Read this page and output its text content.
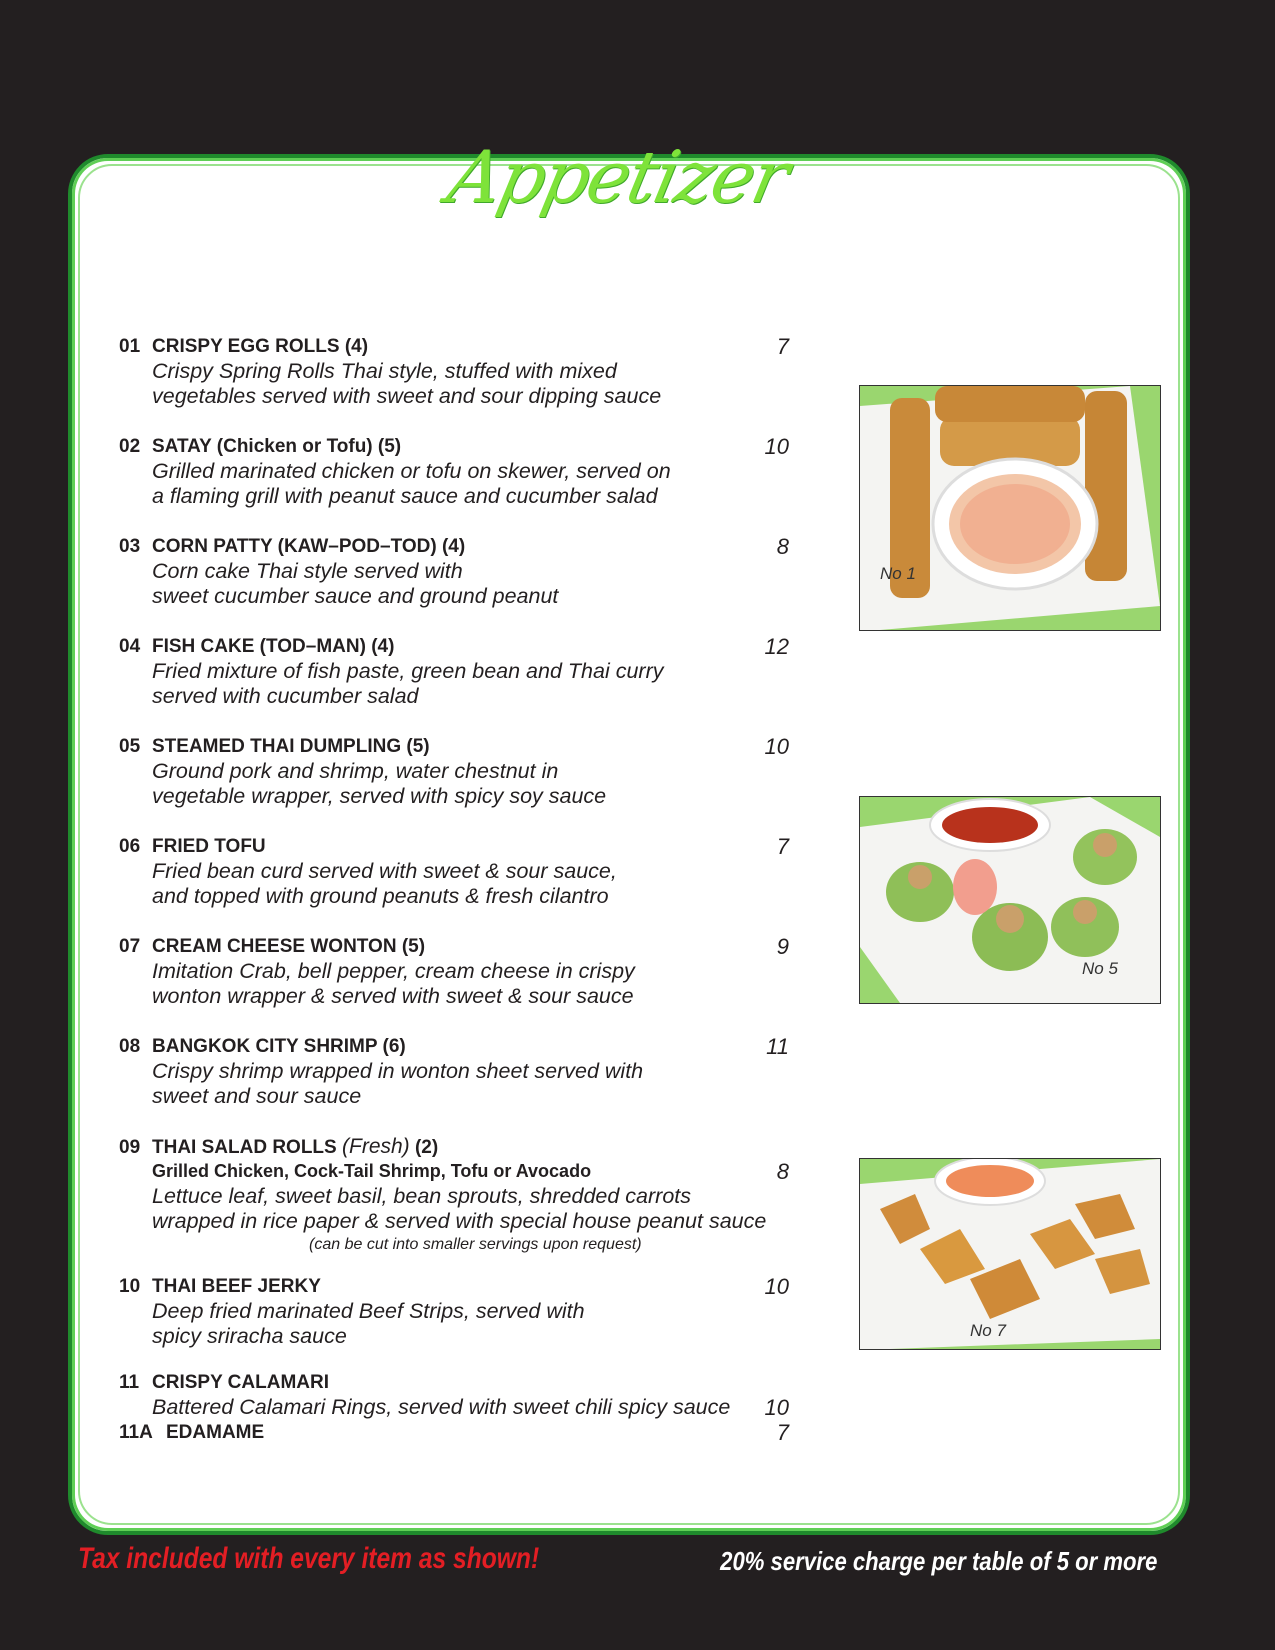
Appetizer
01 CRISPY EGG ROLLS (4)	7
Crispy Spring Rolls Thai style, stuffed with mixed
vegetables served with sweet and sour dipping sauce
02 SATAY (Chicken or Tofu) (5)	10
Grilled marinated chicken or tofu on skewer, served on
a flaming grill with peanut sauce and cucumber salad
03 CORN PATTY (KAW–POD–TOD) (4)	8
Corn cake Thai style served with
sweet cucumber sauce and ground peanut
04 FISH CAKE (TOD–MAN) (4)	12
Fried mixture of fish paste, green bean and Thai curry
served with cucumber salad
05 STEAMED THAI DUMPLING (5)	10
Ground pork and shrimp, water chestnut in
vegetable wrapper, served with spicy soy sauce
06 FRIED TOFU	7
Fried bean curd served with sweet & sour sauce,
and topped with ground peanuts & fresh cilantro
07 CREAM CHEESE WONTON (5)	9
Imitation Crab, bell pepper, cream cheese in crispy
wonton wrapper & served with sweet & sour sauce
08 BANGKOK CITY SHRIMP (6)	11
Crispy shrimp wrapped in wonton sheet served with
sweet and sour sauce
09 THAI SALAD ROLLS (Fresh) (2)
Grilled Chicken, Cock-Tail Shrimp, Tofu or Avocado	8
Lettuce leaf, sweet basil, bean sprouts, shredded carrots
wrapped in rice paper & served with special house peanut sauce
(can be cut into smaller servings upon request)
10 THAI BEEF JERKY	10
Deep fried marinated Beef Strips, served with
spicy sriracha sauce
11 CRISPY CALAMARI
Battered Calamari Rings, served with sweet chili spicy sauce 10
11A EDAMAME	7
No 1
No 5
No 7
Tax included with every item as shown!	20% service charge per table of 5 or more
